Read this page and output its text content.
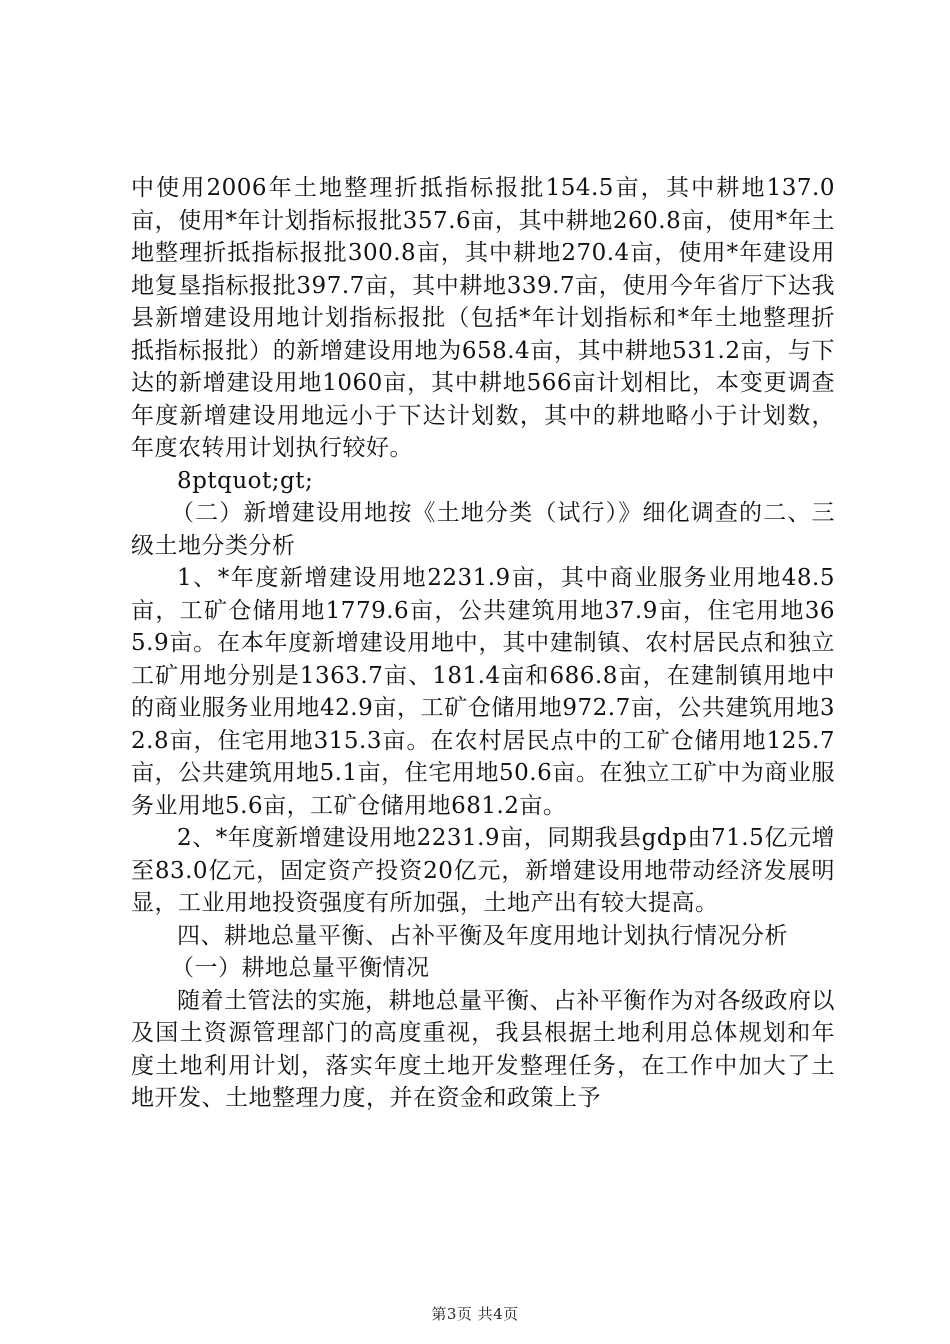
中使用2006年土地整理折抵指标报批154.5亩，其中耕地137.0亩，使用*年计划指标报批357.6亩，其中耕地260.8亩，使用*年土地整理折抵指标报批300.8亩，其中耕地270.4亩，使用*年建设用地复垦指标报批397.7亩，其中耕地339.7亩，使用今年省厅下达我县新增建设用地计划指标报批（包括*年计划指标和*年土地整理折抵指标报批）的新增建设用地为658.4亩，其中耕地531.2亩，与下达的新增建设用地1060亩，其中耕地566亩计划相比，本变更调查年度新增建设用地远小于下达计划数，其中的耕地略小于计划数，年度农转用计划执行较好。

8ptquot;gt;

（二）新增建设用地按《土地分类（试行）》细化调查的二、三级土地分类分析

1、*年度新增建设用地2231.9亩，其中商业服务业用地48.5亩，工矿仓储用地1779.6亩，公共建筑用地37.9亩，住宅用地365.9亩。在本年度新增建设用地中，其中建制镇、农村居民点和独立工矿用地分别是1363.7亩、181.4亩和686.8亩，在建制镇用地中的商业服务业用地42.9亩，工矿仓储用地972.7亩，公共建筑用地32.8亩，住宅用地315.3亩。在农村居民点中的工矿仓储用地125.7亩，公共建筑用地5.1亩，住宅用地50.6亩。在独立工矿中为商业服务业用地5.6亩，工矿仓储用地681.2亩。

2、*年度新增建设用地2231.9亩，同期我县gdp由71.5亿元增至83.0亿元，固定资产投资20亿元，新增建设用地带动经济发展明显，工业用地投资强度有所加强，土地产出有较大提高。

四、耕地总量平衡、占补平衡及年度用地计划执行情况分析

（一）耕地总量平衡情况

随着土管法的实施，耕地总量平衡、占补平衡作为对各级政府以及国土资源管理部门的高度重视，我县根据土地利用总体规划和年度土地利用计划，落实年度土地开发整理任务，在工作中加大了土地开发、土地整理力度，并在资金和政策上予

第3页 共4页
